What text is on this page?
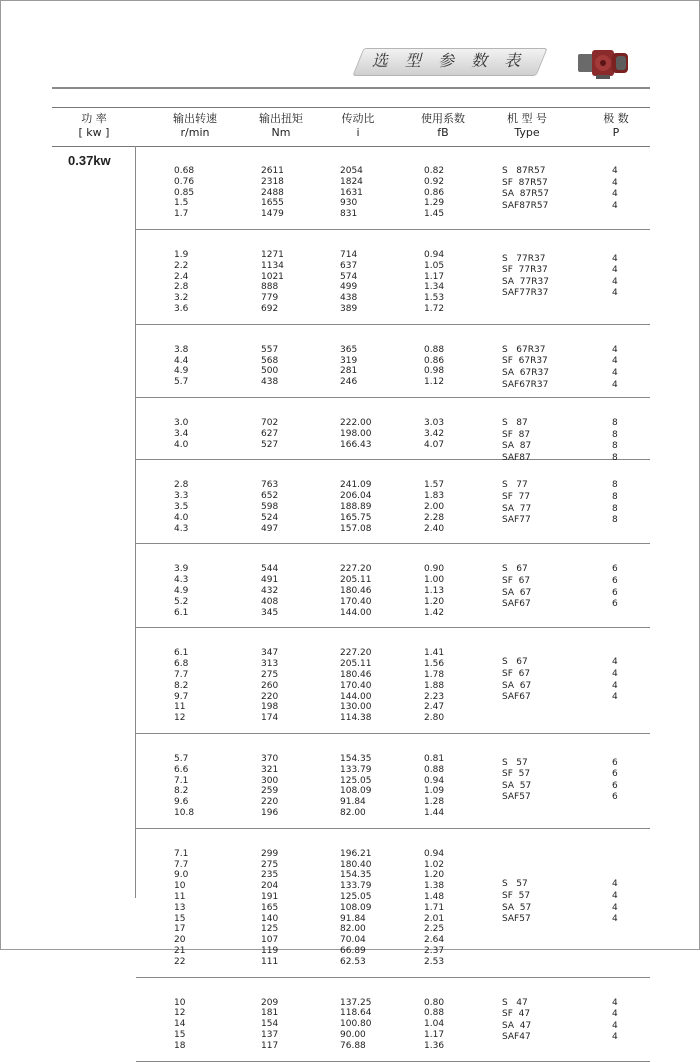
选 型 参 数 表
功 率
[ kw ]
输出转速
r/min
输出扭矩
Nm
传动比
i
使用系数
fB
机 型 号
Type
极 数
P
0.37kw
0.68
0.76
0.85
1.5
1.7
2611
2318
2488
1655
1479
2054
1824
1631
930
831
0.82
0.92
0.86
1.29
1.45
S   87R57
SF  87R57
SA  87R57
SAF87R57
4
4
4
4
1.9
2.2
2.4
2.8
3.2
3.6
1271
1134
1021
888
779
692
714
637
574
499
438
389
0.94
1.05
1.17
1.34
1.53
1.72
S   77R37
SF  77R37
SA  77R37
SAF77R37
4
4
4
4
3.8
4.4
4.9
5.7
557
568
500
438
365
319
281
246
0.88
0.86
0.98
1.12
S   67R37
SF  67R37
SA  67R37
SAF67R37
4
4
4
4
3.0
3.4
4.0
702
627
527
222.00
198.00
166.43
3.03
3.42
4.07
S   87
SF  87
SA  87
SAF87
8
8
8
8
2.8
3.3
3.5
4.0
4.3
763
652
598
524
497
241.09
206.04
188.89
165.75
157.08
1.57
1.83
2.00
2.28
2.40
S   77
SF  77
SA  77
SAF77
8
8
8
8
3.9
4.3
4.9
5.2
6.1
544
491
432
408
345
227.20
205.11
180.46
170.40
144.00
0.90
1.00
1.13
1.20
1.42
S   67
SF  67
SA  67
SAF67
6
6
6
6
6.1
6.8
7.7
8.2
9.7
11
12
347
313
275
260
220
198
174
227.20
205.11
180.46
170.40
144.00
130.00
114.38
1.41
1.56
1.78
1.88
2.23
2.47
2.80
S   67
SF  67
SA  67
SAF67
4
4
4
4
5.7
6.6
7.1
8.2
9.6
10.8
370
321
300
259
220
196
154.35
133.79
125.05
108.09
91.84
82.00
0.81
0.88
0.94
1.09
1.28
1.44
S   57
SF  57
SA  57
SAF57
6
6
6
6
7.1
7.7
9.0
10
11
13
15
17
20
21
22
299
275
235
204
191
165
140
125
107
119
111
196.21
180.40
154.35
133.79
125.05
108.09
91.84
82.00
70.04
66.89
62.53
0.94
1.02
1.20
1.38
1.48
1.71
2.01
2.25
2.64
2.37
2.53
S   57
SF  57
SA  57
SAF57
4
4
4
4
10
12
14
15
18
209
181
154
137
117
137.25
118.64
100.80
90.00
76.88
0.80
0.88
1.04
1.17
1.36
S   47
SF  47
SA  47
SAF47
4
4
4
4
